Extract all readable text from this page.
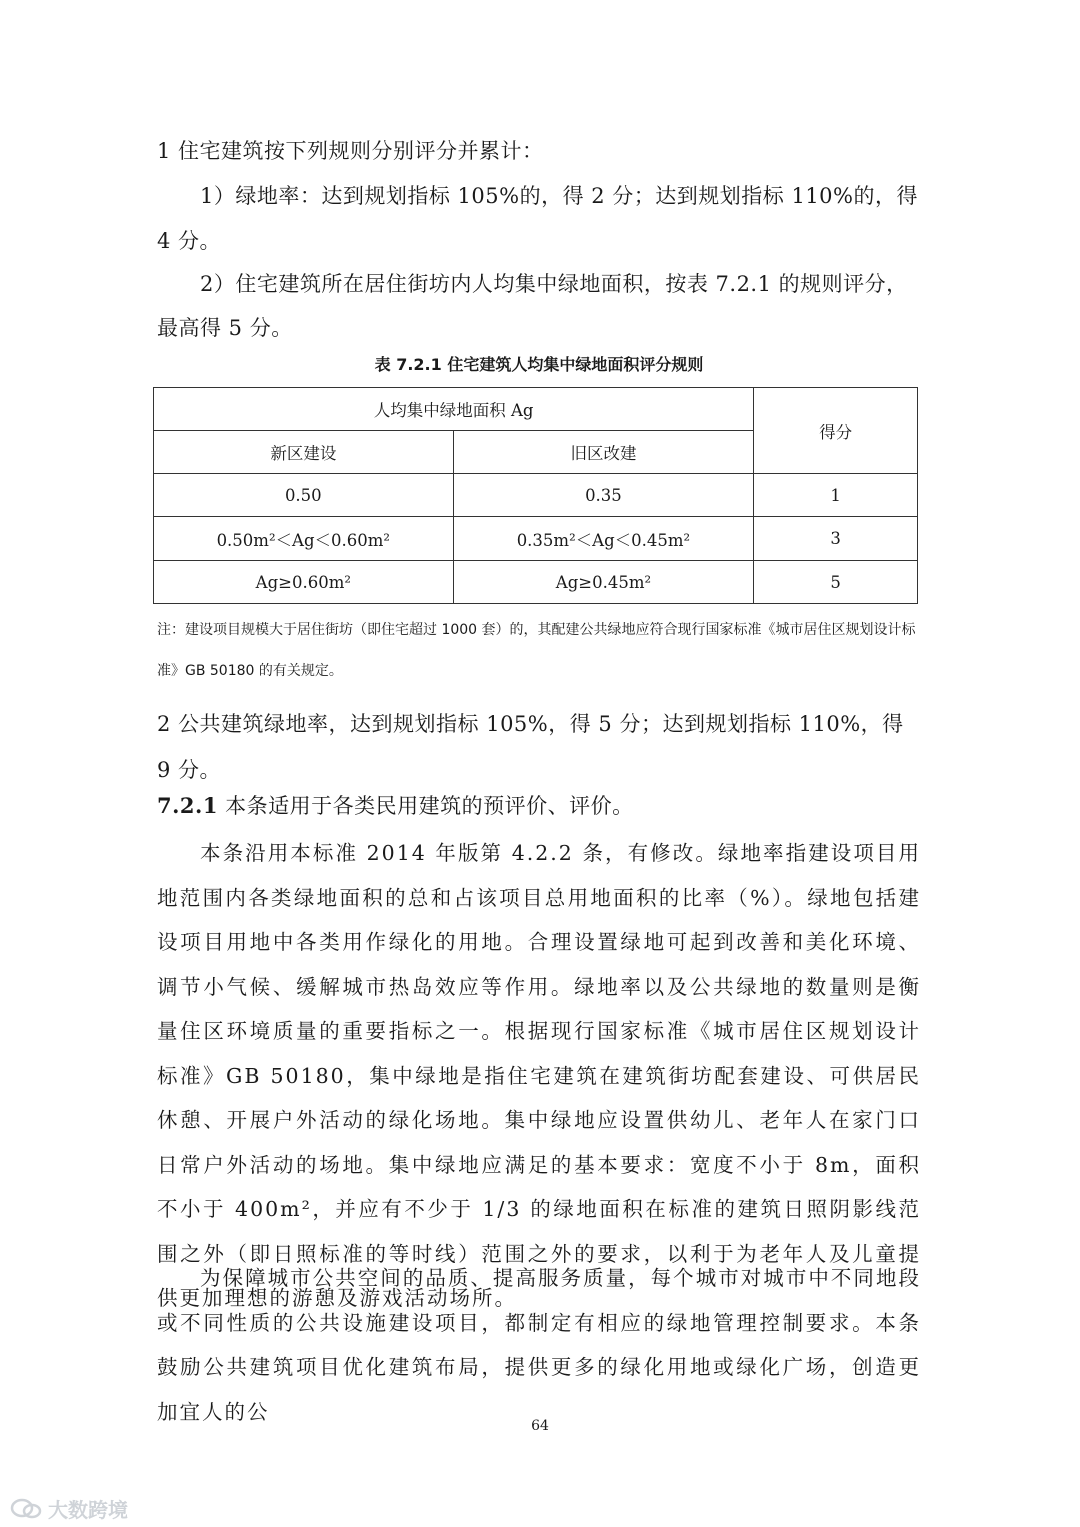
1 住宅建筑按下列规则分别评分并累计：

1）绿地率：达到规划指标 105%的，得 2 分；达到规划指标 110%的，得 4 分。

2）住宅建筑所在居住街坊内人均集中绿地面积，按表 7.2.1 的规则评分，最高得 5 分。

表 7.2.1 住宅建筑人均集中绿地面积评分规则
人均集中绿地面积 Ag		得分
新区建设	旧区改建	
0.50	0.35	1
0.50m²＜Ag＜0.60m²	0.35m²＜Ag＜0.45m²	3
Ag≥0.60m²	Ag≥0.45m²	5

注：建设项目规模大于居住街坊（即住宅超过 1000 套）的，其配建公共绿地应符合现行国家标准《城市居住区规划设计标准》GB 50180 的有关规定。

2 公共建筑绿地率，达到规划指标 105%，得 5 分；达到规划指标 110%，得 9 分。

7.2.1 本条适用于各类民用建筑的预评价、评价。

本条沿用本标准 2014 年版第 4.2.2 条，有修改。绿地率指建设项目用地范围内各类绿地面积的总和占该项目总用地面积的比率（%）。绿地包括建设项目用地中各类用作绿化的用地。合理设置绿地可起到改善和美化环境、调节小气候、缓解城市热岛效应等作用。绿地率以及公共绿地的数量则是衡量住区环境质量的重要指标之一。根据现行国家标准《城市居住区规划设计标准》GB 50180，集中绿地是指住宅建筑在建筑街坊配套建设、可供居民休憩、开展户外活动的绿化场地。集中绿地应设置供幼儿、老年人在家门口日常户外活动的场地。集中绿地应满足的基本要求：宽度不小于 8m，面积不小于 400m²，并应有不少于 1/3 的绿地面积在标准的建筑日照阴影线范围之外（即日照标准的等时线）范围之外的要求，以利于为老年人及儿童提供更加理想的游憩及游戏活动场所。

为保障城市公共空间的品质、提高服务质量，每个城市对城市中不同地段或不同性质的公共设施建设项目，都制定有相应的绿地管理控制要求。本条鼓励公共建筑项目优化建筑布局，提供更多的绿化用地或绿化广场，创造更加宜人的公

64
大数跨境
